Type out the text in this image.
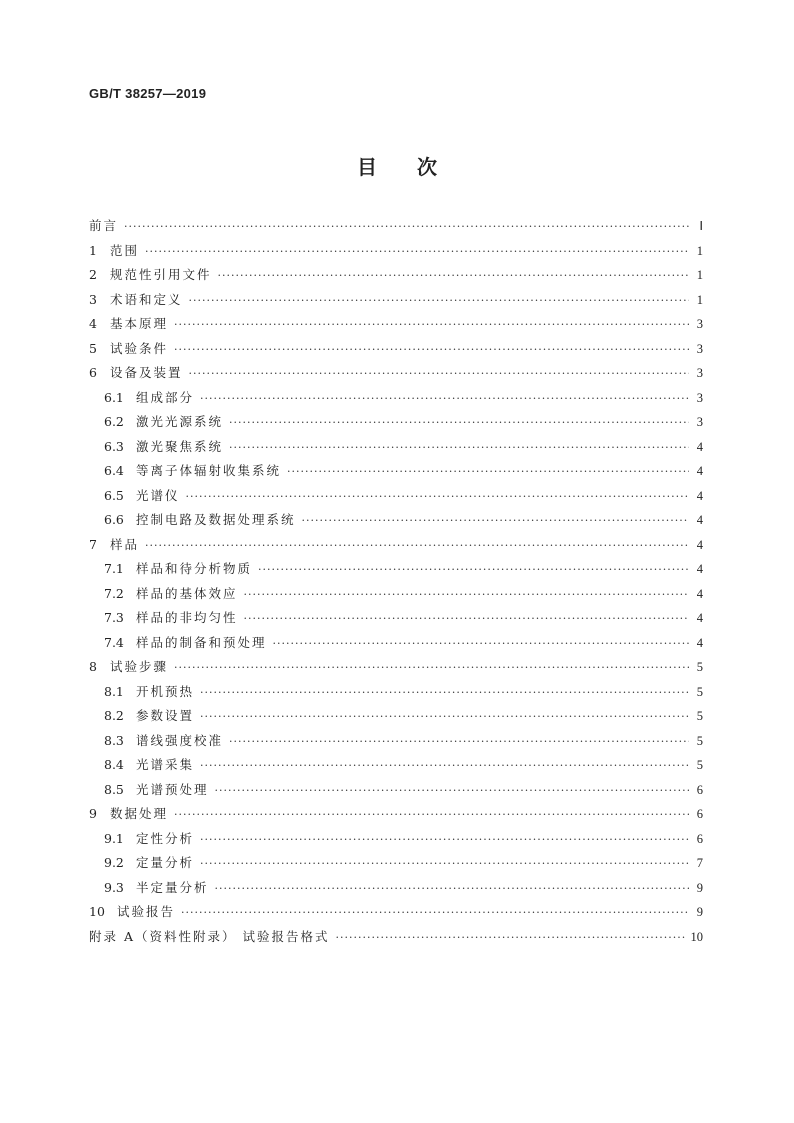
GB/T 38257—2019
目次
前言 ·····	Ⅰ
1	范围 ·····	1
2	规范性引用文件 ·····	1
3	术语和定义 ·····	1
4	基本原理 ·····	3
5	试验条件 ·····	3
6	设备及装置 ·····	3
6.1 组成部分 ·····	3
6.2 激光光源系统 ·····	3
6.3 激光聚焦系统 ·····	4
6.4 等离子体辐射收集系统 ·····	4
6.5 光谱仪 ·····	4
6.6 控制电路及数据处理系统 ·····	4
7	样品 ·····	4
7.1 样品和待分析物质 ·····	4
7.2 样品的基体效应 ·····	4
7.3 样品的非均匀性 ·····	4
7.4 样品的制备和预处理 ·····	4
8	试验步骤 ·····	5
8.1 开机预热 ·····	5
8.2 参数设置 ·····	5
8.3 谱线强度校准 ·····	5
8.4 光谱采集 ·····	5
8.5 光谱预处理 ·····	6
9	数据处理 ·····	6
9.1 定性分析 ·····	6
9.2 定量分析 ·····	7
9.3 半定量分析 ·····	9
10 试验报告 ·····	9
附录 A（资料性附录） 试验报告格式 ·····	10
